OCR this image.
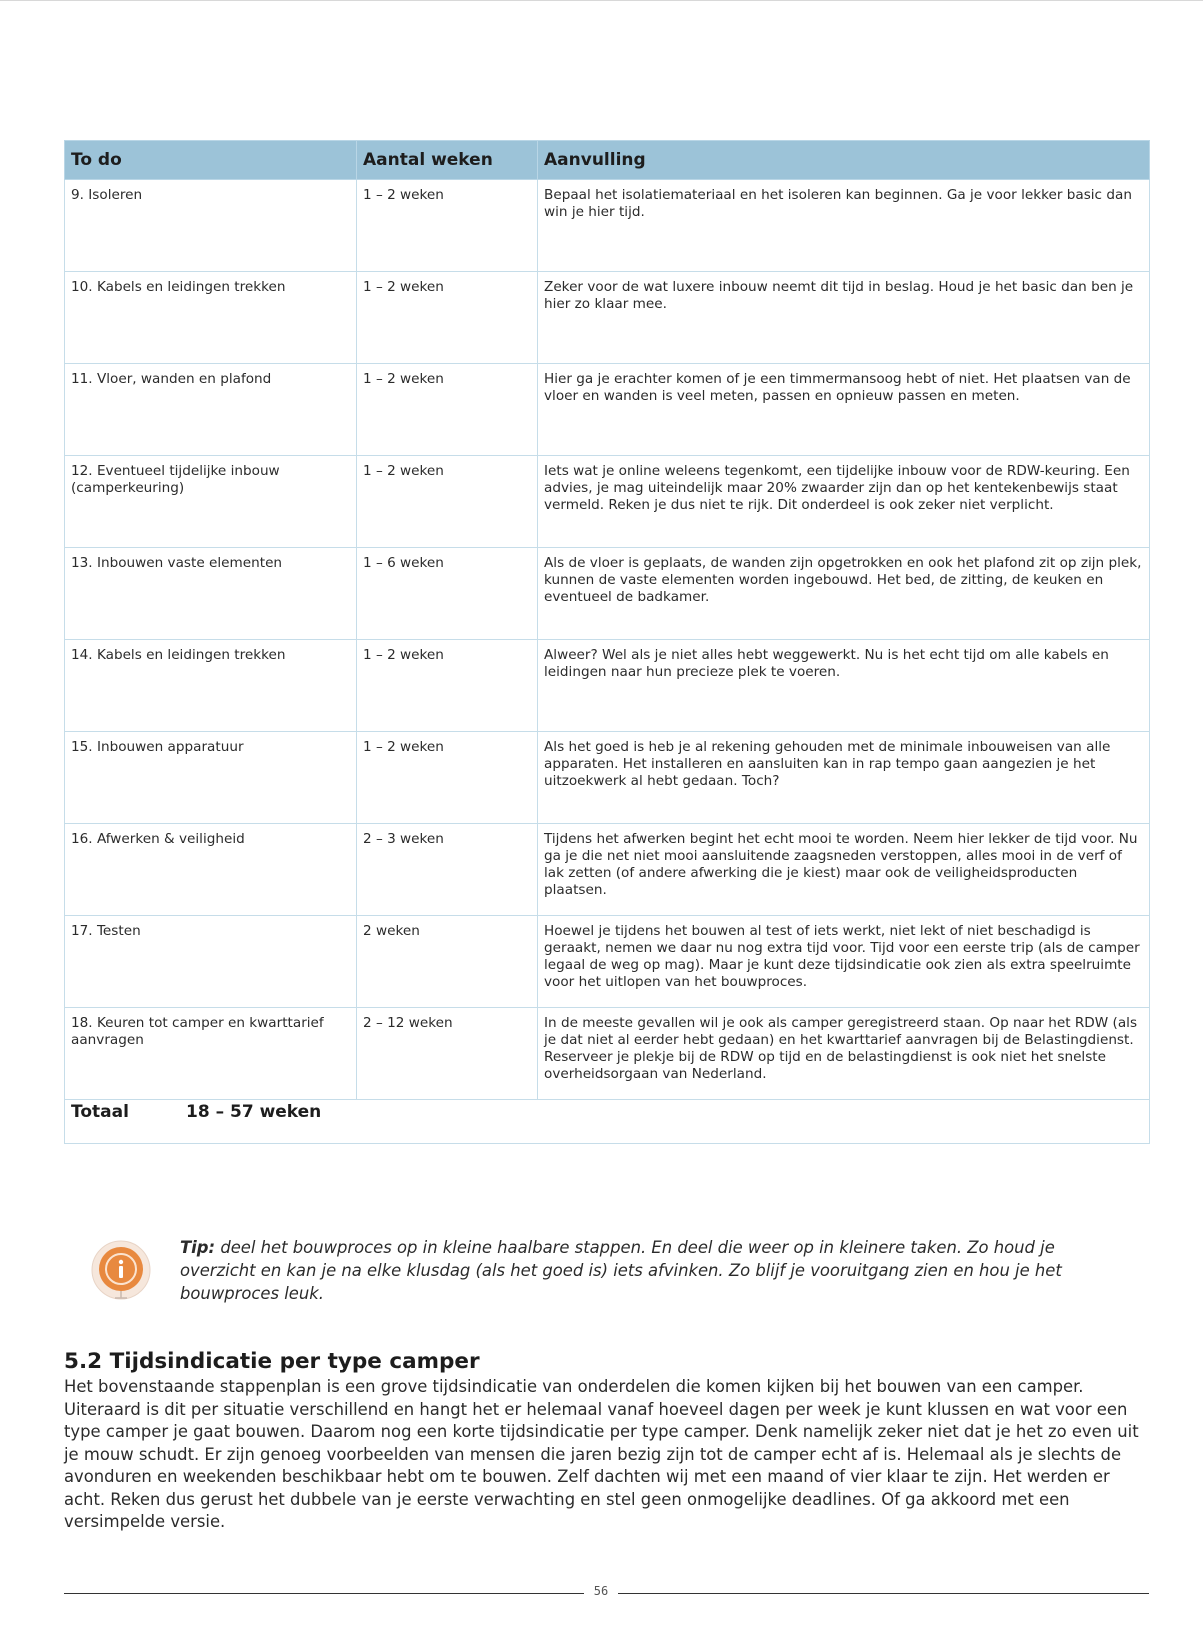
To do	Aantal weken	Aanvulling
9. Isoleren	1 – 2 weken	Bepaal het isolatiemateriaal en het isoleren kan beginnen. Ga je voor lekker basic dan win je hier tijd.
10. Kabels en leidingen trekken	1 – 2 weken	Zeker voor de wat luxere inbouw neemt dit tijd in beslag. Houd je het basic dan ben je hier zo klaar mee.
11. Vloer, wanden en plafond	1 – 2 weken	Hier ga je erachter komen of je een timmermansoog hebt of niet. Het plaatsen van de vloer en wanden is veel meten, passen en opnieuw passen en meten.
12. Eventueel tijdelijke inbouw (camperkeuring)	1 – 2 weken	Iets wat je online weleens tegenkomt, een tijdelijke inbouw voor de RDW-keuring. Een advies, je mag uiteindelijk maar 20% zwaarder zijn dan op het kentekenbewijs staat vermeld. Reken je dus niet te rijk. Dit onderdeel is ook zeker niet verplicht.
13. Inbouwen vaste elementen	1 – 6 weken	Als de vloer is geplaats, de wanden zijn opgetrokken en ook het plafond zit op zijn plek, kunnen de vaste elementen worden ingebouwd. Het bed, de zitting, de keuken en eventueel de badkamer.
14. Kabels en leidingen trekken	1 – 2 weken	Alweer? Wel als je niet alles hebt weggewerkt. Nu is het echt tijd om alle kabels en leidingen naar hun precieze plek te voeren.
15. Inbouwen apparatuur	1 – 2 weken	Als het goed is heb je al rekening gehouden met de minimale inbouweisen van alle apparaten. Het installeren en aansluiten kan in rap tempo gaan aangezien je het uitzoekwerk al hebt gedaan. Toch?
16. Afwerken & veiligheid	2 – 3 weken	Tijdens het afwerken begint het echt mooi te worden. Neem hier lekker de tijd voor. Nu ga je die net niet mooi aansluitende zaagsneden verstoppen, alles mooi in de verf of lak zetten (of andere afwerking die je kiest) maar ook de veiligheidsproducten plaatsen.
17. Testen	2 weken	Hoewel je tijdens het bouwen al test of iets werkt, niet lekt of niet beschadigd is geraakt, nemen we daar nu nog extra tijd voor. Tijd voor een eerste trip (als de camper legaal de weg op mag). Maar je kunt deze tijdsindicatie ook zien als extra speelruimte voor het uitlopen van het bouwproces.
18. Keuren tot camper en kwarttarief aanvragen	2 – 12 weken	In de meeste gevallen wil je ook als camper geregistreerd staan. Op naar het RDW (als je dat niet al eerder hebt gedaan) en het kwarttarief aanvragen bij de Belastingdienst. Reserveer je plekje bij de RDW op tijd en de belastingdienst is ook niet het snelste overheidsorgaan van Nederland.
Totaal 18 – 57 weken		
Tip: deel het bouwproces op in kleine haalbare stappen. En deel die weer op in kleinere taken. Zo houd je overzicht en kan je na elke klusdag (als het goed is) iets afvinken. Zo blijf je vooruitgang zien en hou je het bouwproces leuk.
5.2 Tijdsindicatie per type camper

Het bovenstaande stappenplan is een grove tijdsindicatie van onderdelen die komen kijken bij het bouwen van een camper. Uiteraard is dit per situatie verschillend en hangt het er helemaal vanaf hoeveel dagen per week je kunt klussen en wat voor een type camper je gaat bouwen. Daarom nog een korte tijdsindicatie per type camper. Denk namelijk zeker niet dat je het zo even uit je mouw schudt. Er zijn genoeg voorbeelden van mensen die jaren bezig zijn tot de camper echt af is. Helemaal als je slechts de avonduren en weekenden beschikbaar hebt om te bouwen. Zelf dachten wij met een maand of vier klaar te zijn. Het werden er acht. Reken dus gerust het dubbele van je eerste verwachting en stel geen onmogelijke deadlines. Of ga akkoord met een versimpelde versie.

56
